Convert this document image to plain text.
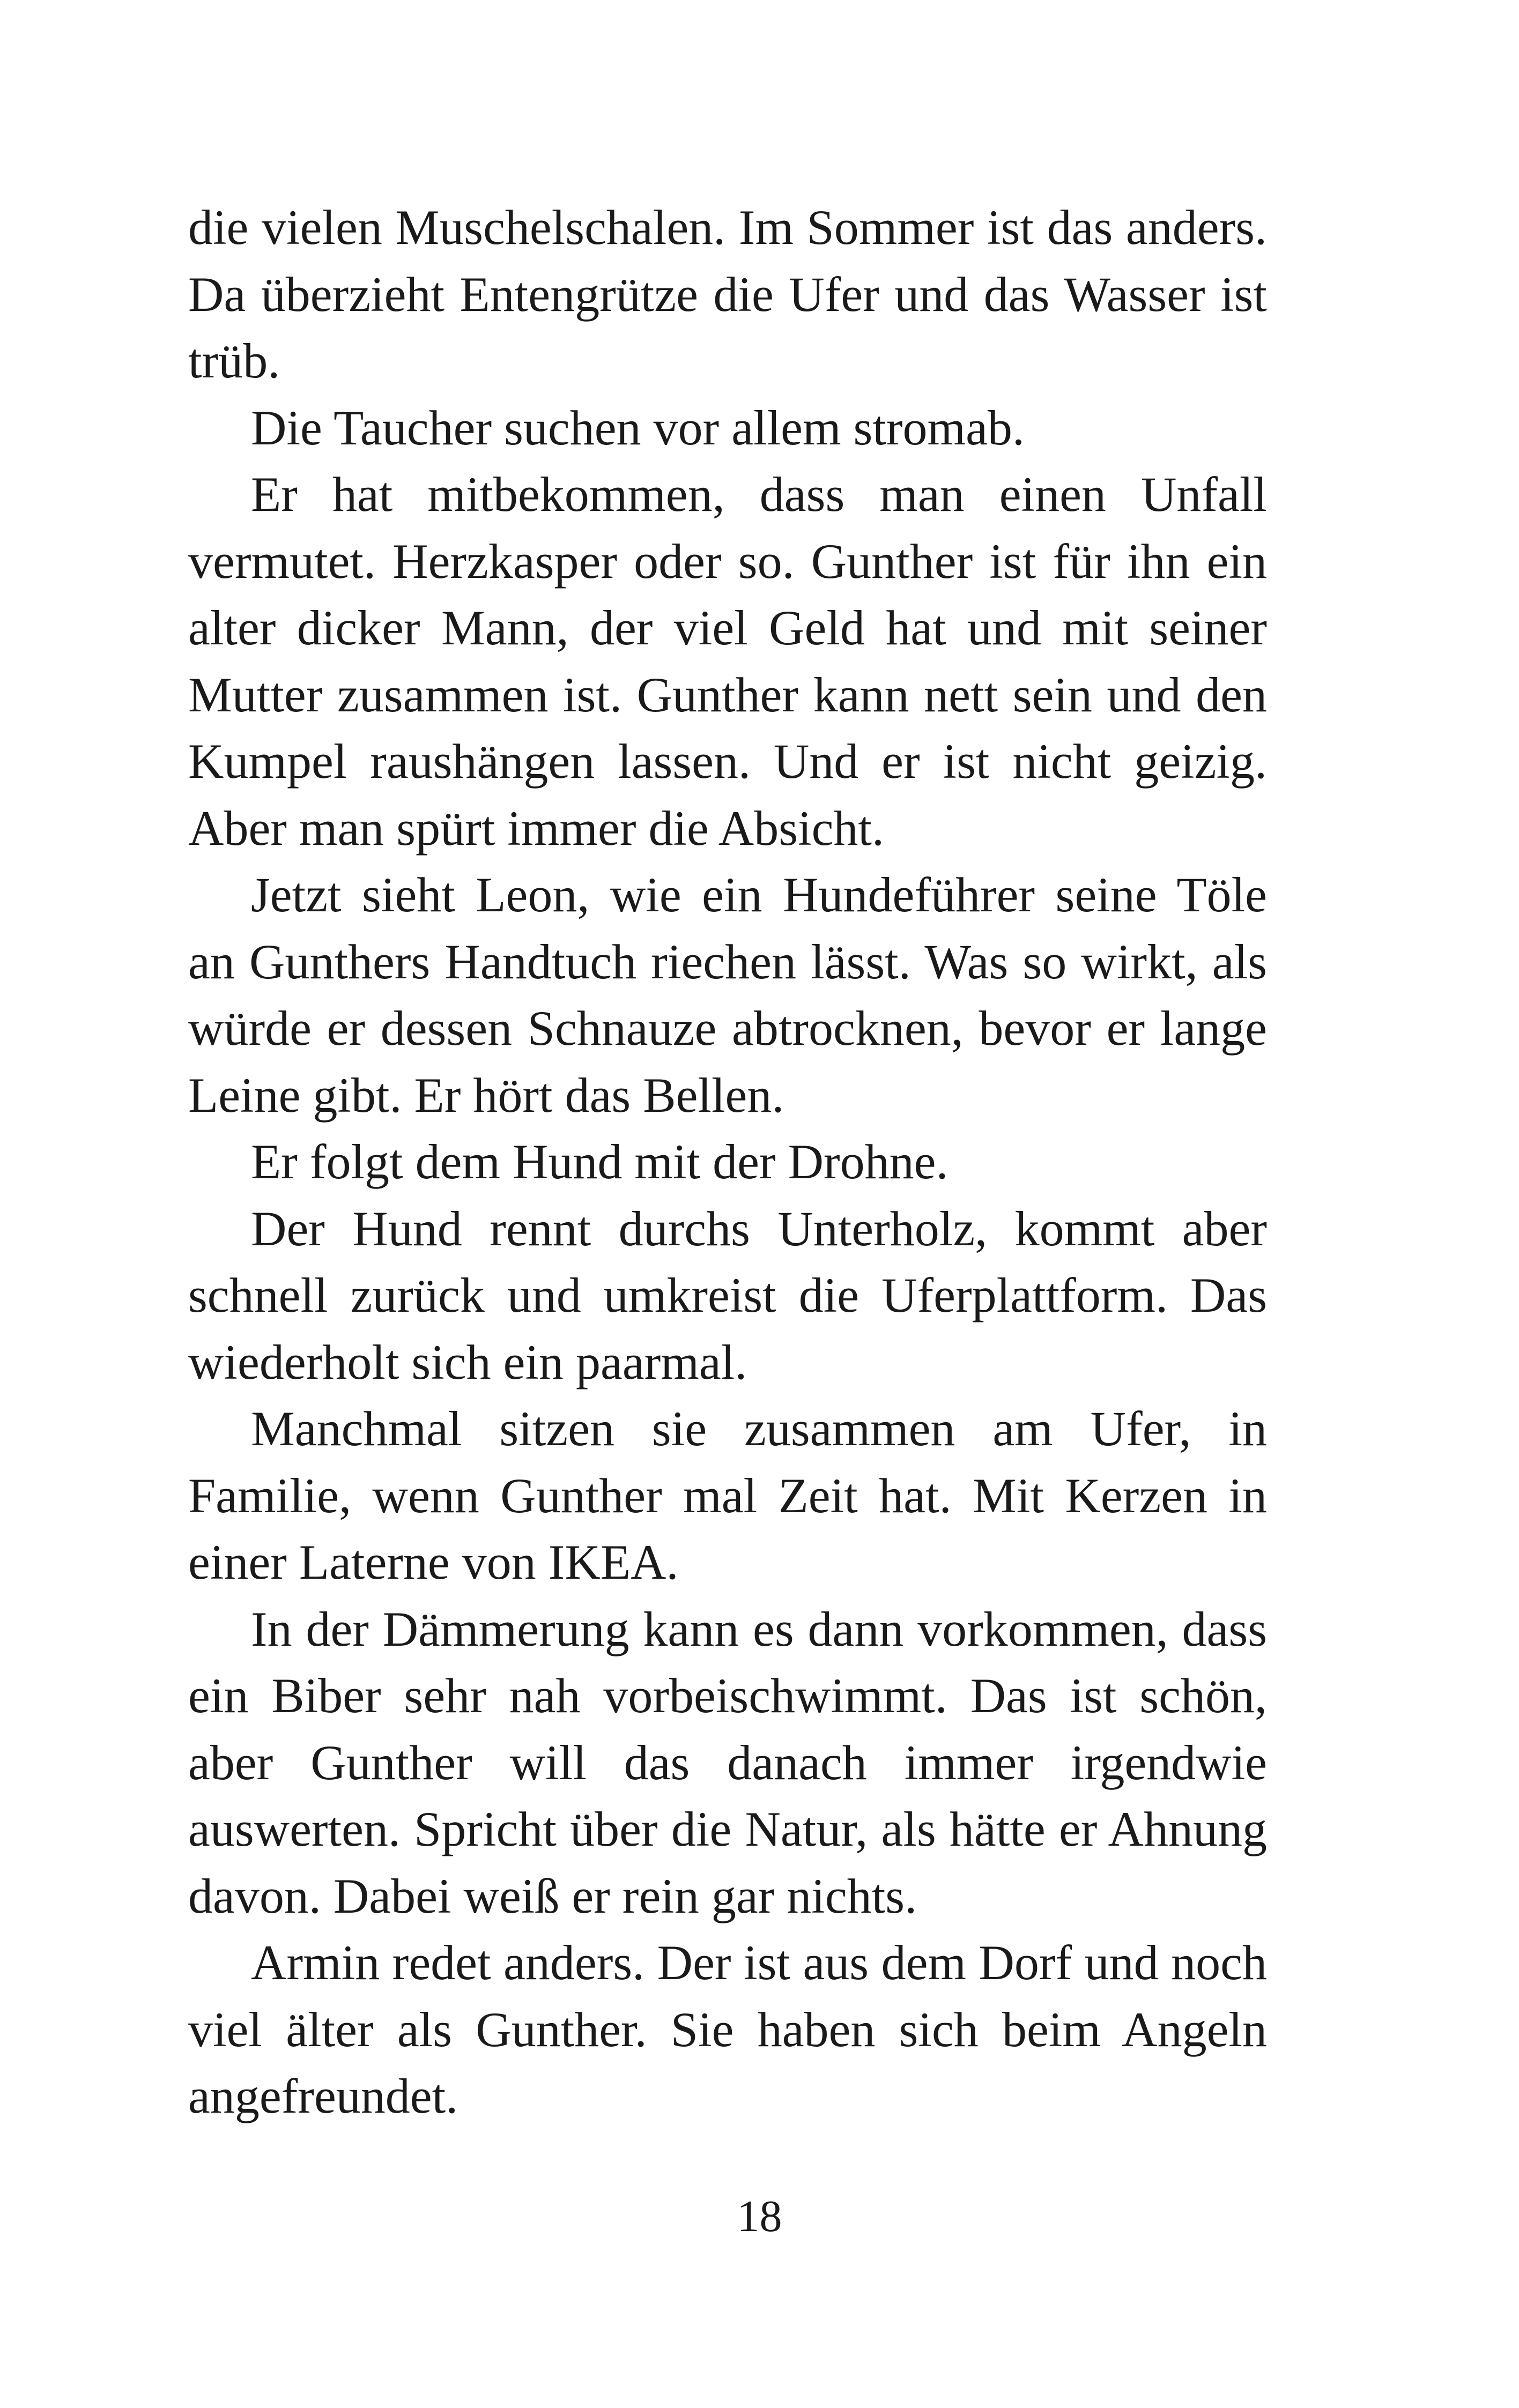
die vielen Muschelschalen. Im Sommer ist das anders. Da überzieht Entengrütze die Ufer und das Wasser ist trüb.

Die Taucher suchen vor allem stromab.

Er hat mitbekommen, dass man einen Unfall vermutet. Herzkasper oder so. Gunther ist für ihn ein alter dicker Mann, der viel Geld hat und mit seiner Mutter zusammen ist. Gunther kann nett sein und den Kumpel raushängen lassen. Und er ist nicht geizig. Aber man spürt immer die Absicht.

Jetzt sieht Leon, wie ein Hundeführer seine Töle an Gunthers Handtuch riechen lässt. Was so wirkt, als würde er dessen Schnauze abtrocknen, bevor er lange Leine gibt. Er hört das Bellen.

Er folgt dem Hund mit der Drohne.

Der Hund rennt durchs Unterholz, kommt aber schnell zurück und umkreist die Uferplattform. Das wiederholt sich ein paarmal.

Manchmal sitzen sie zusammen am Ufer, in Familie, wenn Gunther mal Zeit hat. Mit Kerzen in einer Laterne von IKEA.

In der Dämmerung kann es dann vorkommen, dass ein Biber sehr nah vorbeischwimmt. Das ist schön, aber Gunther will das danach immer irgendwie auswerten. Spricht über die Natur, als hätte er Ahnung davon. Dabei weiß er rein gar nichts.

Armin redet anders. Der ist aus dem Dorf und noch viel älter als Gunther. Sie haben sich beim Angeln angefreundet.

18
